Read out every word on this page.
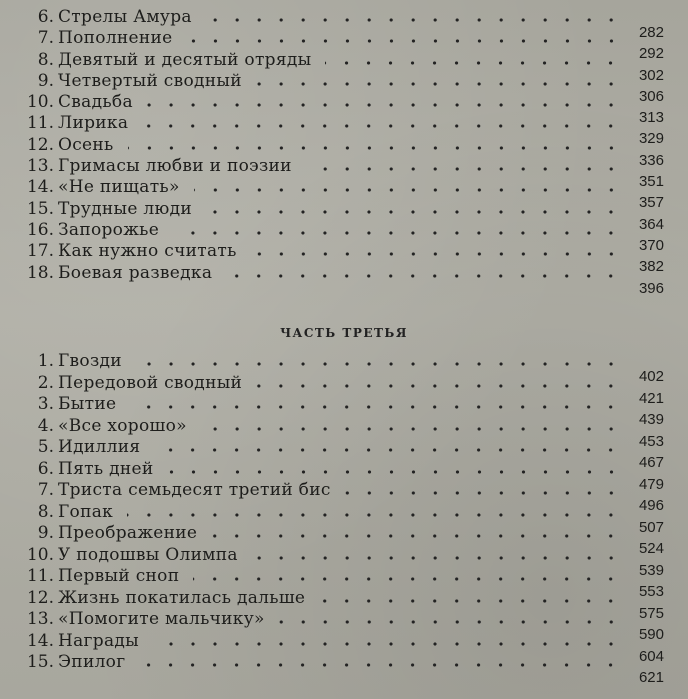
6. Стрелы Амура
282
7. Пополнение
292
8. Девятый и десятый отряды
302
9. Четвертый сводный
306
10. Свадьба
313
11. Лирика
329
12. Осень
336
13. Гримасы любви и поэзии
351
14. «Не пищать»
357
15. Трудные люди
364
16. Запорожье
370
17. Как нужно считать
382
18. Боевая разведка
396
ЧАСТЬ ТРЕТЬЯ
1. Гвозди
402
2. Передовой сводный
421
3. Бытие
439
4. «Все хорошо»
453
5. Идиллия
467
6. Пять дней
479
7. Триста семьдесят третий бис
496
8. Гопак
507
9. Преображение
524
10. У подошвы Олимпа
539
11. Первый сноп
553
12. Жизнь покатилась дальше
575
13. «Помогите мальчику»
590
14. Награды
604
15. Эпилог
621
